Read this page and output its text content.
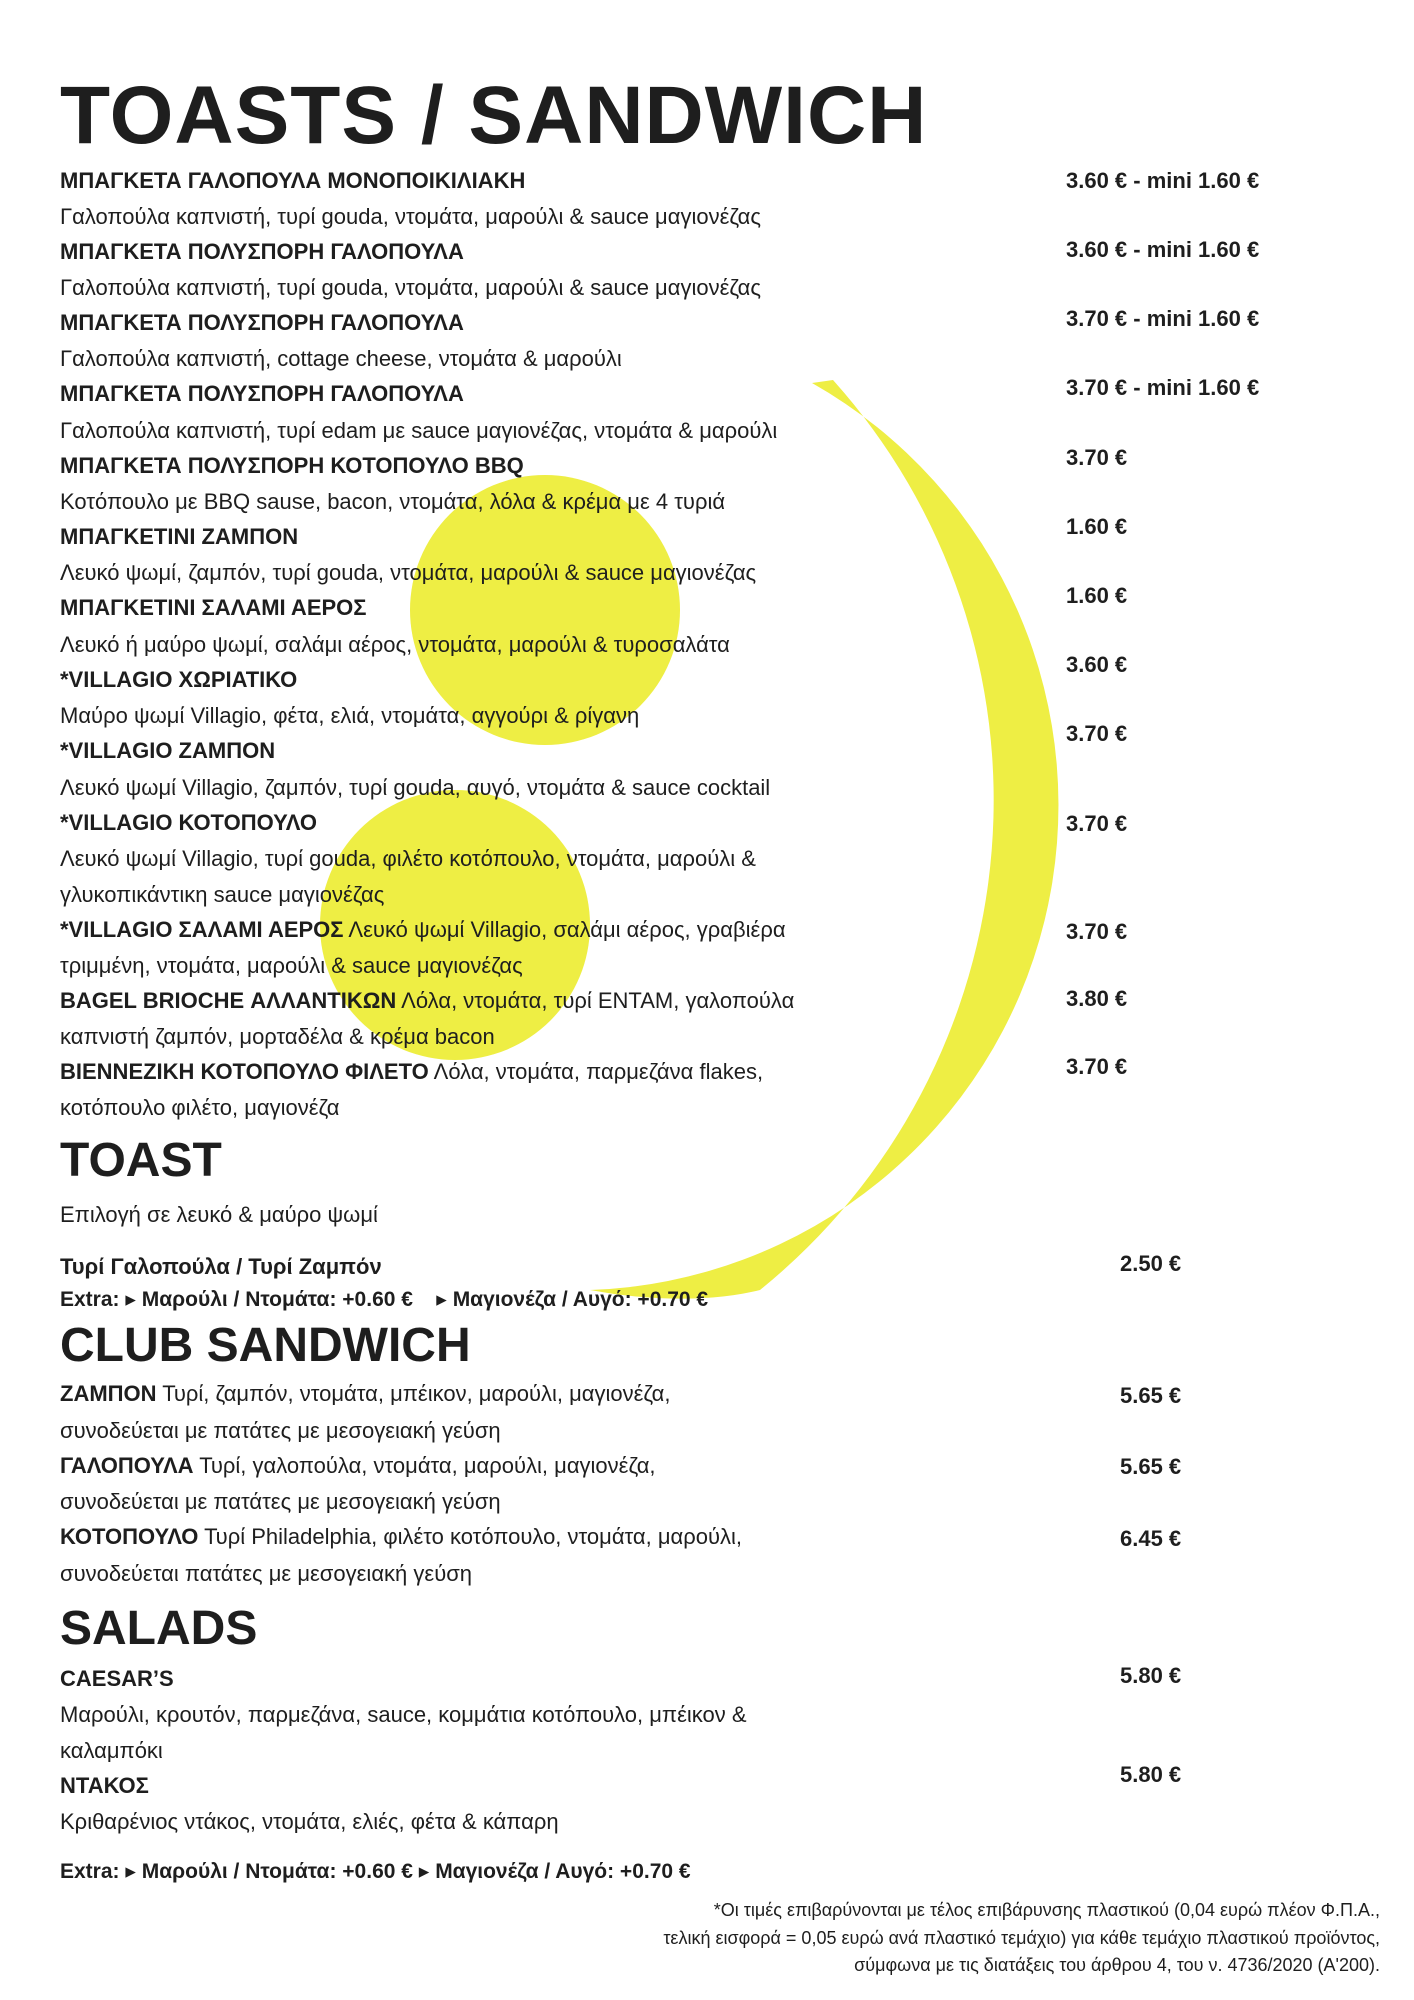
TOASTS / SANDWICH
ΜΠΑΓΚΕΤΑ ΓΑΛΟΠΟΥΛΑ ΜΟΝΟΠΟΙΚΙΛΙΑΚΗ
Γαλοπούλα καπνιστή, τυρί gouda, ντομάτα, μαρούλι & sauce μαγιονέζας
3.60 € - mini 1.60 €
ΜΠΑΓΚΕΤΑ ΠΟΛΥΣΠΟΡΗ ΓΑΛΟΠΟΥΛΑ
Γαλοπούλα καπνιστή, τυρί gouda, ντομάτα, μαρούλι & sauce μαγιονέζας
3.60 € - mini 1.60 €
ΜΠΑΓΚΕΤΑ ΠΟΛΥΣΠΟΡΗ ΓΑΛΟΠΟΥΛΑ
Γαλοπούλα καπνιστή, cottage cheese, ντομάτα & μαρούλι
3.70 € - mini 1.60 €
ΜΠΑΓΚΕΤΑ ΠΟΛΥΣΠΟΡΗ ΓΑΛΟΠΟΥΛΑ
Γαλοπούλα καπνιστή, τυρί edam με sauce μαγιονέζας, ντομάτα & μαρούλι
3.70 € - mini 1.60 €
ΜΠΑΓΚΕΤΑ ΠΟΛΥΣΠΟΡΗ ΚΟΤΟΠΟΥΛΟ BBQ
Κοτόπουλο με BBQ sause, bacon, ντομάτα, λόλα & κρέμα με 4 τυριά
3.70 €
ΜΠΑΓΚΕΤΙΝΙ ΖΑΜΠΟΝ
Λευκό ψωμί, ζαμπόν, τυρί gouda, ντομάτα, μαρούλι & sauce μαγιονέζας
1.60 €
ΜΠΑΓΚΕΤΙΝΙ ΣΑΛΑΜΙ ΑΕΡΟΣ
Λευκό ή μαύρο ψωμί, σαλάμι αέρος, ντομάτα, μαρούλι & τυροσαλάτα
1.60 €
*VILLAGIO ΧΩΡΙΑΤΙΚΟ
Μαύρο ψωμί Villagio, φέτα, ελιά, ντομάτα, αγγούρι & ρίγανη
3.60 €
*VILLAGIO ΖΑΜΠΟΝ
Λευκό ψωμί Villagio, ζαμπόν, τυρί gouda, αυγό, ντομάτα & sauce cocktail
3.70 €
*VILLAGIO ΚΟΤΟΠΟΥΛΟ
Λευκό ψωμί Villagio, τυρί gouda, φιλέτο κοτόπουλο, ντομάτα, μαρούλι &
γλυκοπικάντικη sauce μαγιονέζας
3.70 €
*VILLAGIO ΣΑΛΑΜΙ ΑΕΡΟΣ Λευκό ψωμί Villagio, σαλάμι αέρος, γραβιέρα
τριμμένη, ντομάτα, μαρούλι & sauce μαγιονέζας
3.70 €
BAGEL BRIOCHE ΑΛΛΑΝΤΙΚΩΝ Λόλα, ντομάτα, τυρί ΕΝΤΑΜ, γαλοπούλα
καπνιστή ζαμπόν, μορταδέλα & κρέμα bacon
3.80 €
ΒΙΕΝΝΕΖΙΚΗ ΚΟΤΟΠΟΥΛΟ ΦΙΛΕΤΟ Λόλα, ντομάτα, παρμεζάνα flakes,
κοτόπουλο φιλέτο, μαγιονέζα
3.70 €
TOAST
Επιλογή σε λευκό & μαύρο ψωμί
Τυρί Γαλοπούλα / Τυρί Ζαμπόν	2.50 €
Extra: ▸ Μαρούλι / Ντομάτα: +0.60 € ▸ Μαγιονέζα / Αυγό: +0.70 €
CLUB SANDWICH
ΖΑΜΠΟΝ Τυρί, ζαμπόν, ντομάτα, μπέικον, μαρούλι, μαγιονέζα,
συνοδεύεται με πατάτες με μεσογειακή γεύση
5.65 €
ΓΑΛΟΠΟΥΛΑ Τυρί, γαλοπούλα, ντομάτα, μαρούλι, μαγιονέζα,
συνοδεύεται με πατάτες με μεσογειακή γεύση
5.65 €
ΚΟΤΟΠΟΥΛΟ Τυρί Philadelphia, φιλέτο κοτόπουλο, ντομάτα, μαρούλι,
συνοδεύεται πατάτες με μεσογειακή γεύση
6.45 €
SALADS
CAESAR’S
Μαρούλι, κρουτόν, παρμεζάνα, sauce, κομμάτια κοτόπουλο, μπέικον &
καλαμπόκι
5.80 €
ΝΤΑΚΟΣ
Κριθαρένιος ντάκος, ντομάτα, ελιές, φέτα & κάπαρη
5.80 €
Extra: ▸ Μαρούλι / Ντομάτα: +0.60 € ▸ Μαγιονέζα / Αυγό: +0.70 €
*Οι τιμές επιβαρύνονται με τέλος επιβάρυνσης πλαστικού (0,04 ευρώ πλέον Φ.Π.Α.,
τελική εισφορά = 0,05 ευρώ ανά πλαστικό τεμάχιο) για κάθε τεμάχιο πλαστικού προϊόντος,
σύμφωνα με τις διατάξεις του άρθρου 4, του ν. 4736/2020 (Α'200).
